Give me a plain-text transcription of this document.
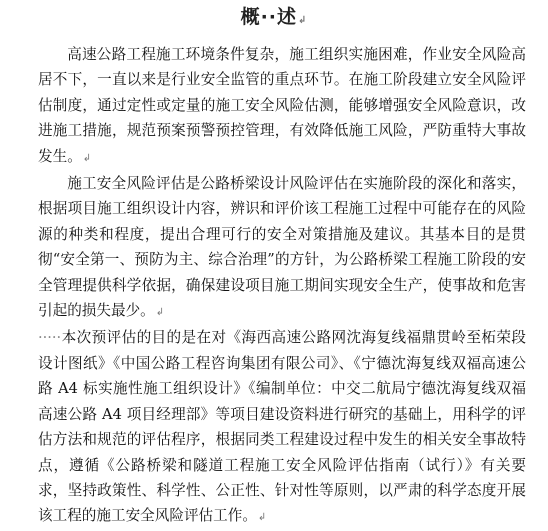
概··述↲

高速公路工程施工环境条件复杂，施工组织实施困难，作业安全风险高居不下，一直以来是行业安全监管的重点环节。在施工阶段建立安全风险评估制度，通过定性或定量的施工安全风险估测，能够增强安全风险意识，改进施工措施，规范预案预警预控管理，有效降低施工风险，严防重特大事故发生。↲

施工安全风险评估是公路桥梁设计风险评估在实施阶段的深化和落实，根据项目施工组织设计内容，辨识和评价该工程施工过程中可能存在的风险源的种类和程度，提出合理可行的安全对策措施及建议。其基本目的是贯彻“安全第一、预防为主、综合治理”的方针，为公路桥梁工程施工阶段的安全管理提供科学依据，确保建设项目施工期间实现安全生产，使事故和危害引起的损失最少。↲

·····本次预评估的目的是在对《海西高速公路网沈海复线福鼎贯岭至柘荣段设计图纸》《中国公路工程咨询集团有限公司》、《宁德沈海复线双福高速公路 A4 标实施性施工组织设计》《编制单位：中交二航局宁德沈海复线双福高速公路 A4 项目经理部》等项目建设资料进行研究的基础上，用科学的评估方法和规范的评估程序，根据同类工程建设过程中发生的相关安全事故特点，遵循《公路桥梁和隧道工程施工安全风险评估指南（试行）》有关要求，坚持政策性、科学性、公正性、针对性等原则，以严肃的科学态度开展该工程的施工安全风险评估工作。↲
